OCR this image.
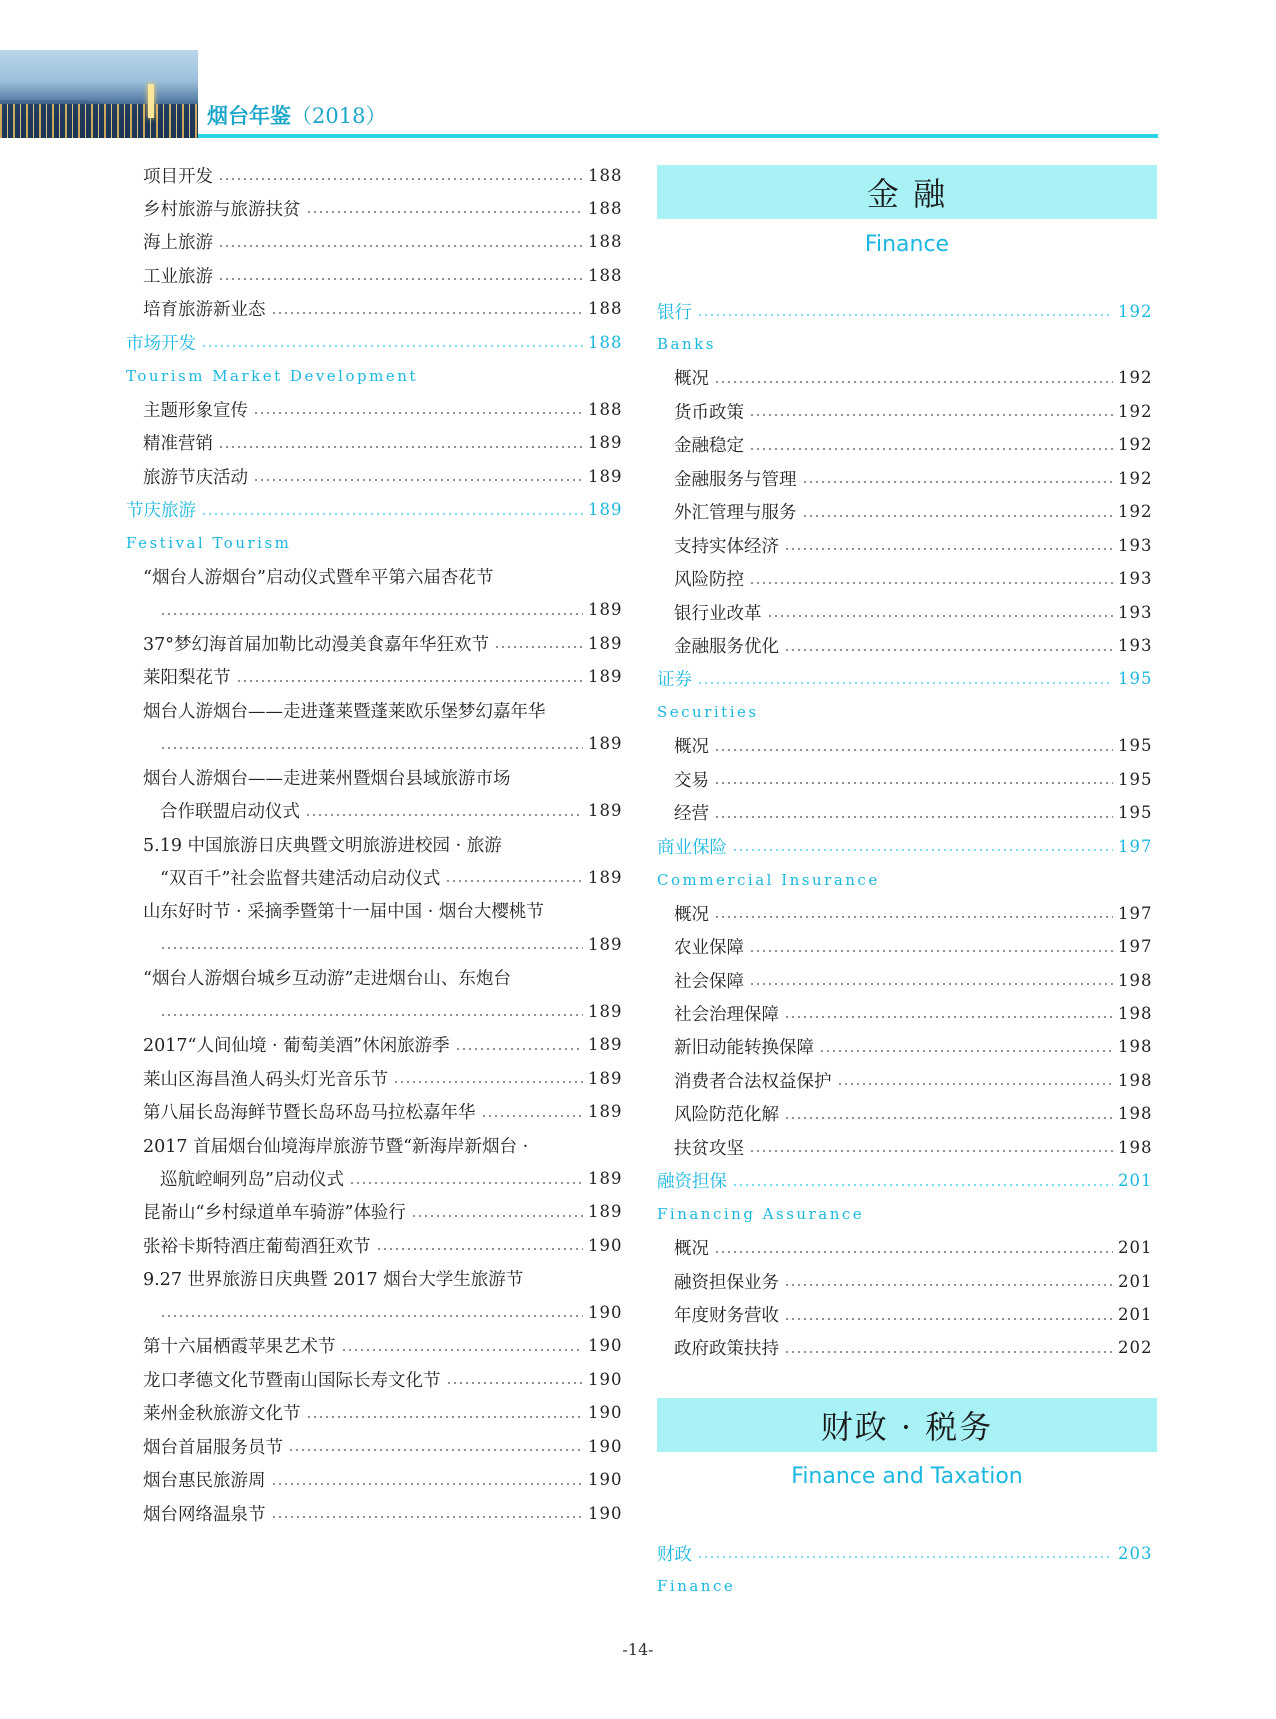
烟台年鉴（2018）
项目开发	188
乡村旅游与旅游扶贫	188
海上旅游	188
工业旅游	188
培育旅游新业态	188
市场开发	188
Tourism Market Development
主题形象宣传	188
精准营销	189
旅游节庆活动	189
节庆旅游	189
Festival Tourism
“烟台人游烟台”启动仪式暨牟平第六届杏花节
189
37°梦幻海首届加勒比动漫美食嘉年华狂欢节	189
莱阳梨花节	189
烟台人游烟台——走进蓬莱暨蓬莱欧乐堡梦幻嘉年华
189
烟台人游烟台——走进莱州暨烟台县域旅游市场
合作联盟启动仪式	189
5.19 中国旅游日庆典暨文明旅游进校园 · 旅游
“双百千”社会监督共建活动启动仪式	189
山东好时节 · 采摘季暨第十一届中国 · 烟台大樱桃节
189
“烟台人游烟台城乡互动游”走进烟台山、东炮台
189
2017“人间仙境 · 葡萄美酒”休闲旅游季	189
莱山区海昌渔人码头灯光音乐节	189
第八届长岛海鲜节暨长岛环岛马拉松嘉年华	189
2017 首届烟台仙境海岸旅游节暨“新海岸新烟台 ·
巡航崆峒列岛”启动仪式	189
昆嵛山“乡村绿道单车骑游”体验行	189
张裕卡斯特酒庄葡萄酒狂欢节	190
9.27 世界旅游日庆典暨 2017 烟台大学生旅游节
190
第十六届栖霞苹果艺术节	190
龙口孝德文化节暨南山国际长寿文化节	190
莱州金秋旅游文化节	190
烟台首届服务员节	190
烟台惠民旅游周	190
烟台网络温泉节	190
金 融
Finance
银行	192
Banks
概况	192
货币政策	192
金融稳定	192
金融服务与管理	192
外汇管理与服务	192
支持实体经济	193
风险防控	193
银行业改革	193
金融服务优化	193
证券	195
Securities
概况	195
交易	195
经营	195
商业保险	197
Commercial Insurance
概况	197
农业保障	197
社会保障	198
社会治理保障	198
新旧动能转换保障	198
消费者合法权益保护	198
风险防范化解	198
扶贫攻坚	198
融资担保	201
Financing Assurance
概况	201
融资担保业务	201
年度财务营收	201
政府政策扶持	202
财政 · 税务
Finance and Taxation
财政	203
Finance
-14-
